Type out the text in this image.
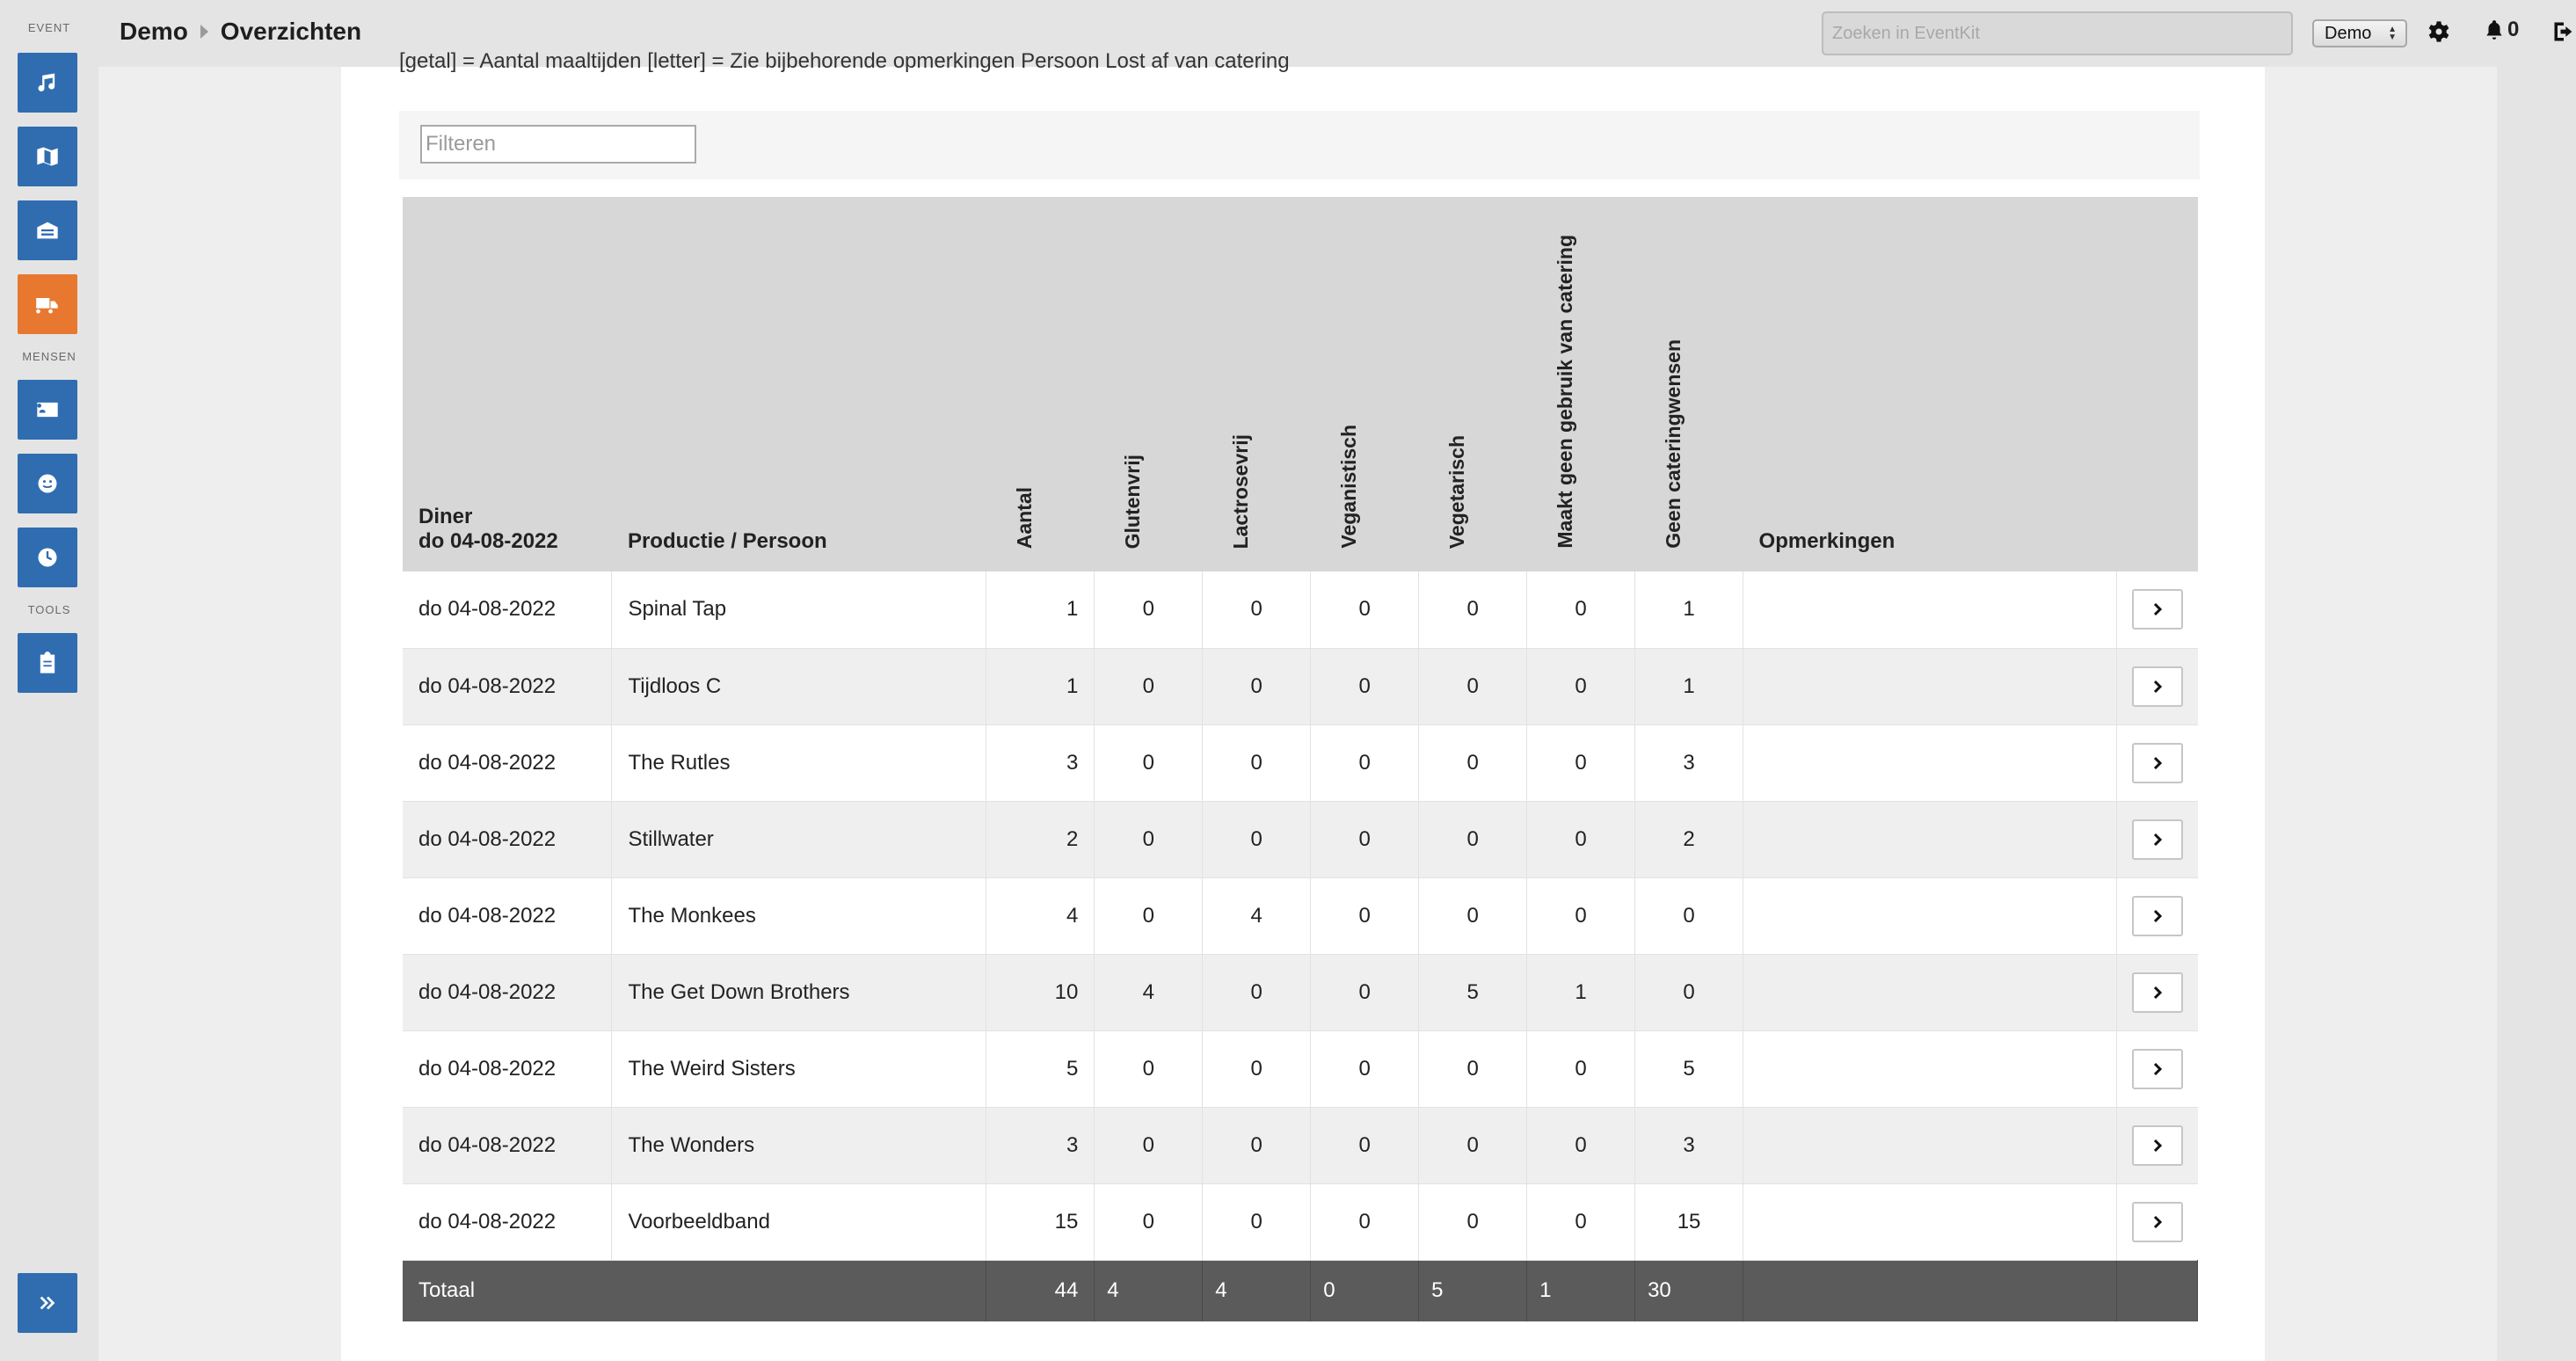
EVENT
MENSEN
TOOLS
Demo Overzichten
Zoeken in EventKit	Demo ▲
▼	0
[getal] = Aantal maaltijden [letter] = Zie bijbehorende opmerkingen Persoon Lost af van catering
Filteren
Diner
do 04-08-2022	Productie / Persoon	Aantal	Glutenvrij	Lactrosevrij	Veganistisch	Vegetarisch	Maakt geen gebruik van catering	Geen cateringwensen	Opmerkingen	
do 04-08-2022	Spinal Tap	1	0	0	0	0	0	1		

do 04-08-2022	Tijdloos C	1	0	0	0	0	0	1		

do 04-08-2022	The Rutles	3	0	0	0	0	0	3		

do 04-08-2022	Stillwater	2	0	0	0	0	0	2		

do 04-08-2022	The Monkees	4	0	4	0	0	0	0		

do 04-08-2022	The Get Down Brothers	10	4	0	0	5	1	0		

do 04-08-2022	The Weird Sisters	5	0	0	0	0	0	5		

do 04-08-2022	The Wonders	3	0	0	0	0	0	3		

do 04-08-2022	Voorbeeldband	15	0	0	0	0	0	15		

Totaal		44	4	4	0	5	1	30		
